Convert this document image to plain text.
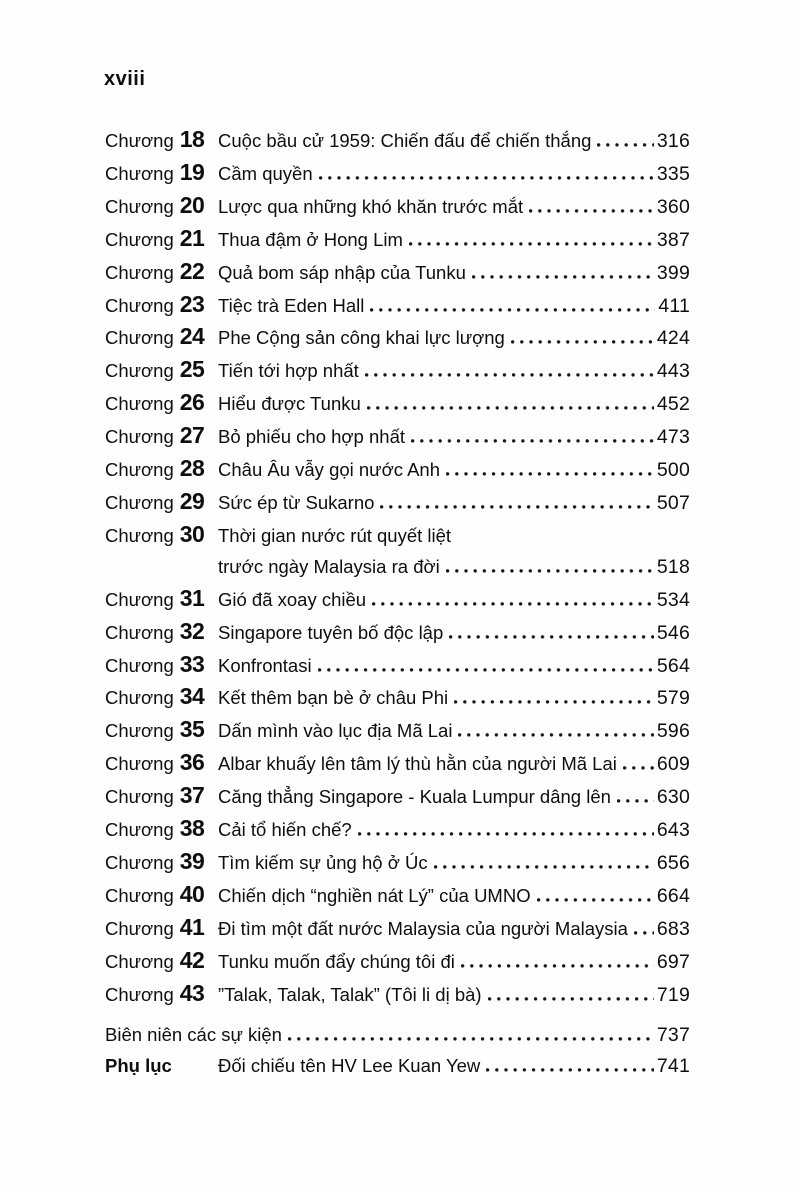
xviii
Chương 18 Cuộc bầu cử 1959: Chiến đấu để chiến thắng	316
Chương 19 Cầm quyền	335
Chương 20 Lược qua những khó khăn trước mắt	360
Chương 21 Thua đậm ở Hong Lim	387
Chương 22 Quả bom sáp nhập của Tunku	399
Chương 23 Tiệc trà Eden Hall	411
Chương 24 Phe Cộng sản công khai lực lượng	424
Chương 25 Tiến tới hợp nhất	443
Chương 26 Hiểu được Tunku	452
Chương 27 Bỏ phiếu cho hợp nhất	473
Chương 28 Châu Âu vẫy gọi nước Anh	500
Chương 29 Sức ép từ Sukarno	507
Chương 30 Thời gian nước rút quyết liệt
trước ngày Malaysia ra đời	518
Chương 31 Gió đã xoay chiều	534
Chương 32 Singapore tuyên bố độc lập	546
Chương 33 Konfrontasi	564
Chương 34 Kết thêm bạn bè ở châu Phi	579
Chương 35 Dấn mình vào lục địa Mã Lai	596
Chương 36 Albar khuấy lên tâm lý thù hằn của người Mã Lai 609
Chương 37 Căng thẳng Singapore - Kuala Lumpur dâng lên 630
Chương 38 Cải tổ hiến chế?	643
Chương 39 Tìm kiếm sự ủng hộ ở Úc	656
Chương 40 Chiến dịch “nghiền nát Lý” của UMNO	664
Chương 41 Đi tìm một đất nước Malaysia của người Malaysia 683
Chương 42 Tunku muốn đẩy chúng tôi đi	697
Chương 43 ”Talak, Talak, Talak” (Tôi li dị bà)	719
Biên niên các sự kiện	737
Phụ lục	Đối chiếu tên HV Lee Kuan Yew	741
